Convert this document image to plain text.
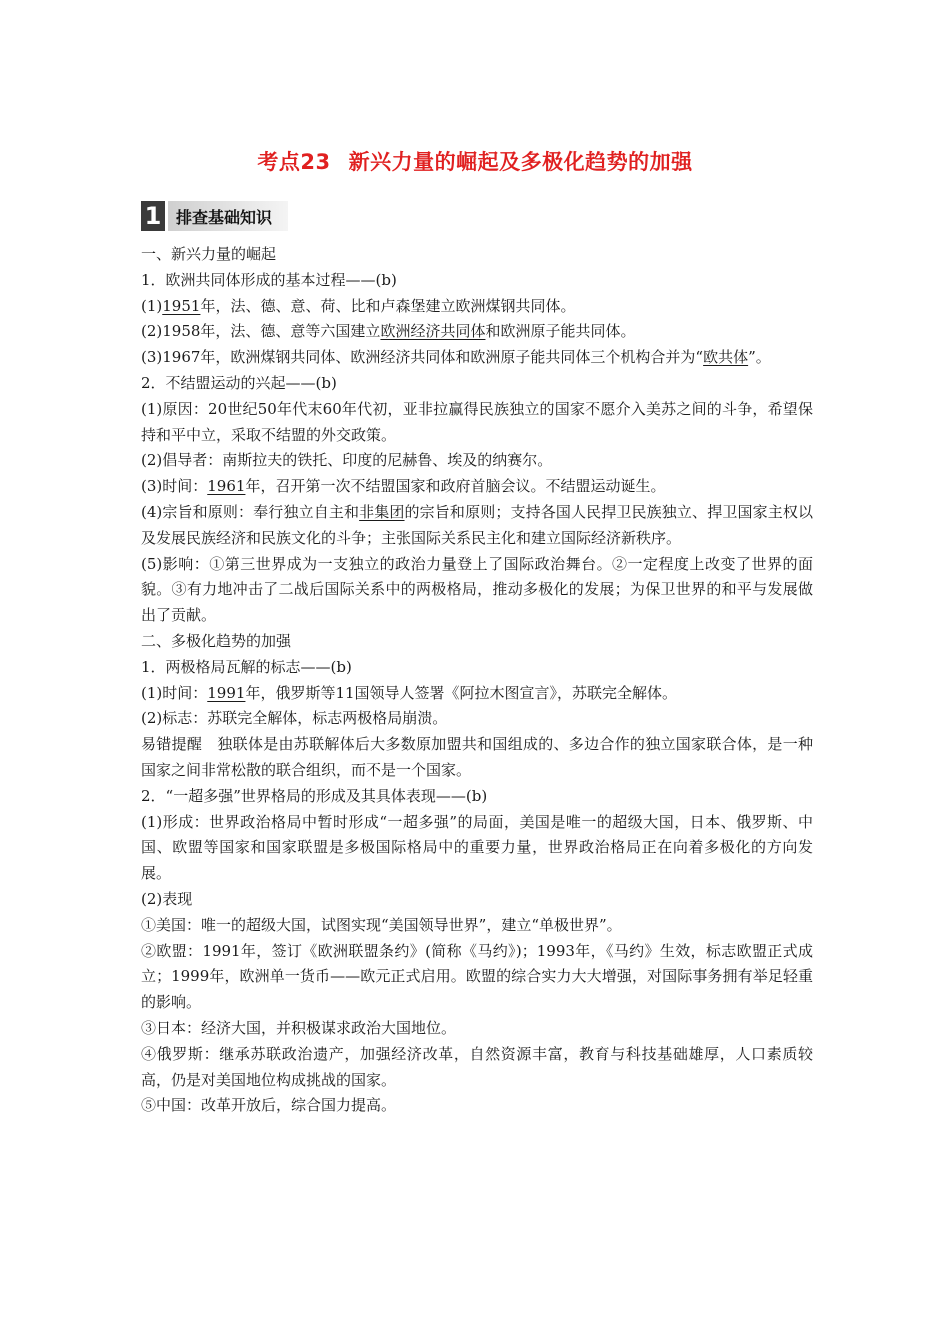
考点23 新兴力量的崛起及多极化趋势的加强
1 排查基础知识

一、新兴力量的崛起

1．欧洲共同体形成的基本过程——(b)

(1)1951年，法、德、意、荷、比和卢森堡建立欧洲煤钢共同体。

(2)1958年，法、德、意等六国建立欧洲经济共同体和欧洲原子能共同体。

(3)1967年，欧洲煤钢共同体、欧洲经济共同体和欧洲原子能共同体三个机构合并为“欧共体”。

2．不结盟运动的兴起——(b)

(1)原因：20世纪50年代末60年代初，亚非拉赢得民族独立的国家不愿介入美苏之间的斗争，希望保持和平中立，采取不结盟的外交政策。

(2)倡导者：南斯拉夫的铁托、印度的尼赫鲁、埃及的纳赛尔。

(3)时间：1961年，召开第一次不结盟国家和政府首脑会议。不结盟运动诞生。

(4)宗旨和原则：奉行独立自主和非集团的宗旨和原则；支持各国人民捍卫民族独立、捍卫国家主权以及发展民族经济和民族文化的斗争；主张国际关系民主化和建立国际经济新秩序。

(5)影响：①第三世界成为一支独立的政治力量登上了国际政治舞台。②一定程度上改变了世界的面貌。③有力地冲击了二战后国际关系中的两极格局，推动多极化的发展；为保卫世界的和平与发展做出了贡献。

二、多极化趋势的加强

1．两极格局瓦解的标志——(b)

(1)时间：1991年，俄罗斯等11国领导人签署《阿拉木图宣言》，苏联完全解体。

(2)标志：苏联完全解体，标志两极格局崩溃。

易错提醒　独联体是由苏联解体后大多数原加盟共和国组成的、多边合作的独立国家联合体，是一种国家之间非常松散的联合组织，而不是一个国家。

2．“一超多强”世界格局的形成及其具体表现——(b)

(1)形成：世界政治格局中暂时形成“一超多强”的局面，美国是唯一的超级大国，日本、俄罗斯、中国、欧盟等国家和国家联盟是多极国际格局中的重要力量，世界政治格局正在向着多极化的方向发展。

(2)表现

①美国：唯一的超级大国，试图实现“美国领导世界”，建立“单极世界”。

②欧盟：1991年，签订《欧洲联盟条约》(简称《马约》)；1993年，《马约》生效，标志欧盟正式成立；1999年，欧洲单一货币——欧元正式启用。欧盟的综合实力大大增强，对国际事务拥有举足轻重的影响。

③日本：经济大国，并积极谋求政治大国地位。

④俄罗斯：继承苏联政治遗产，加强经济改革，自然资源丰富，教育与科技基础雄厚，人口素质较高，仍是对美国地位构成挑战的国家。

⑤中国：改革开放后，综合国力提高。
